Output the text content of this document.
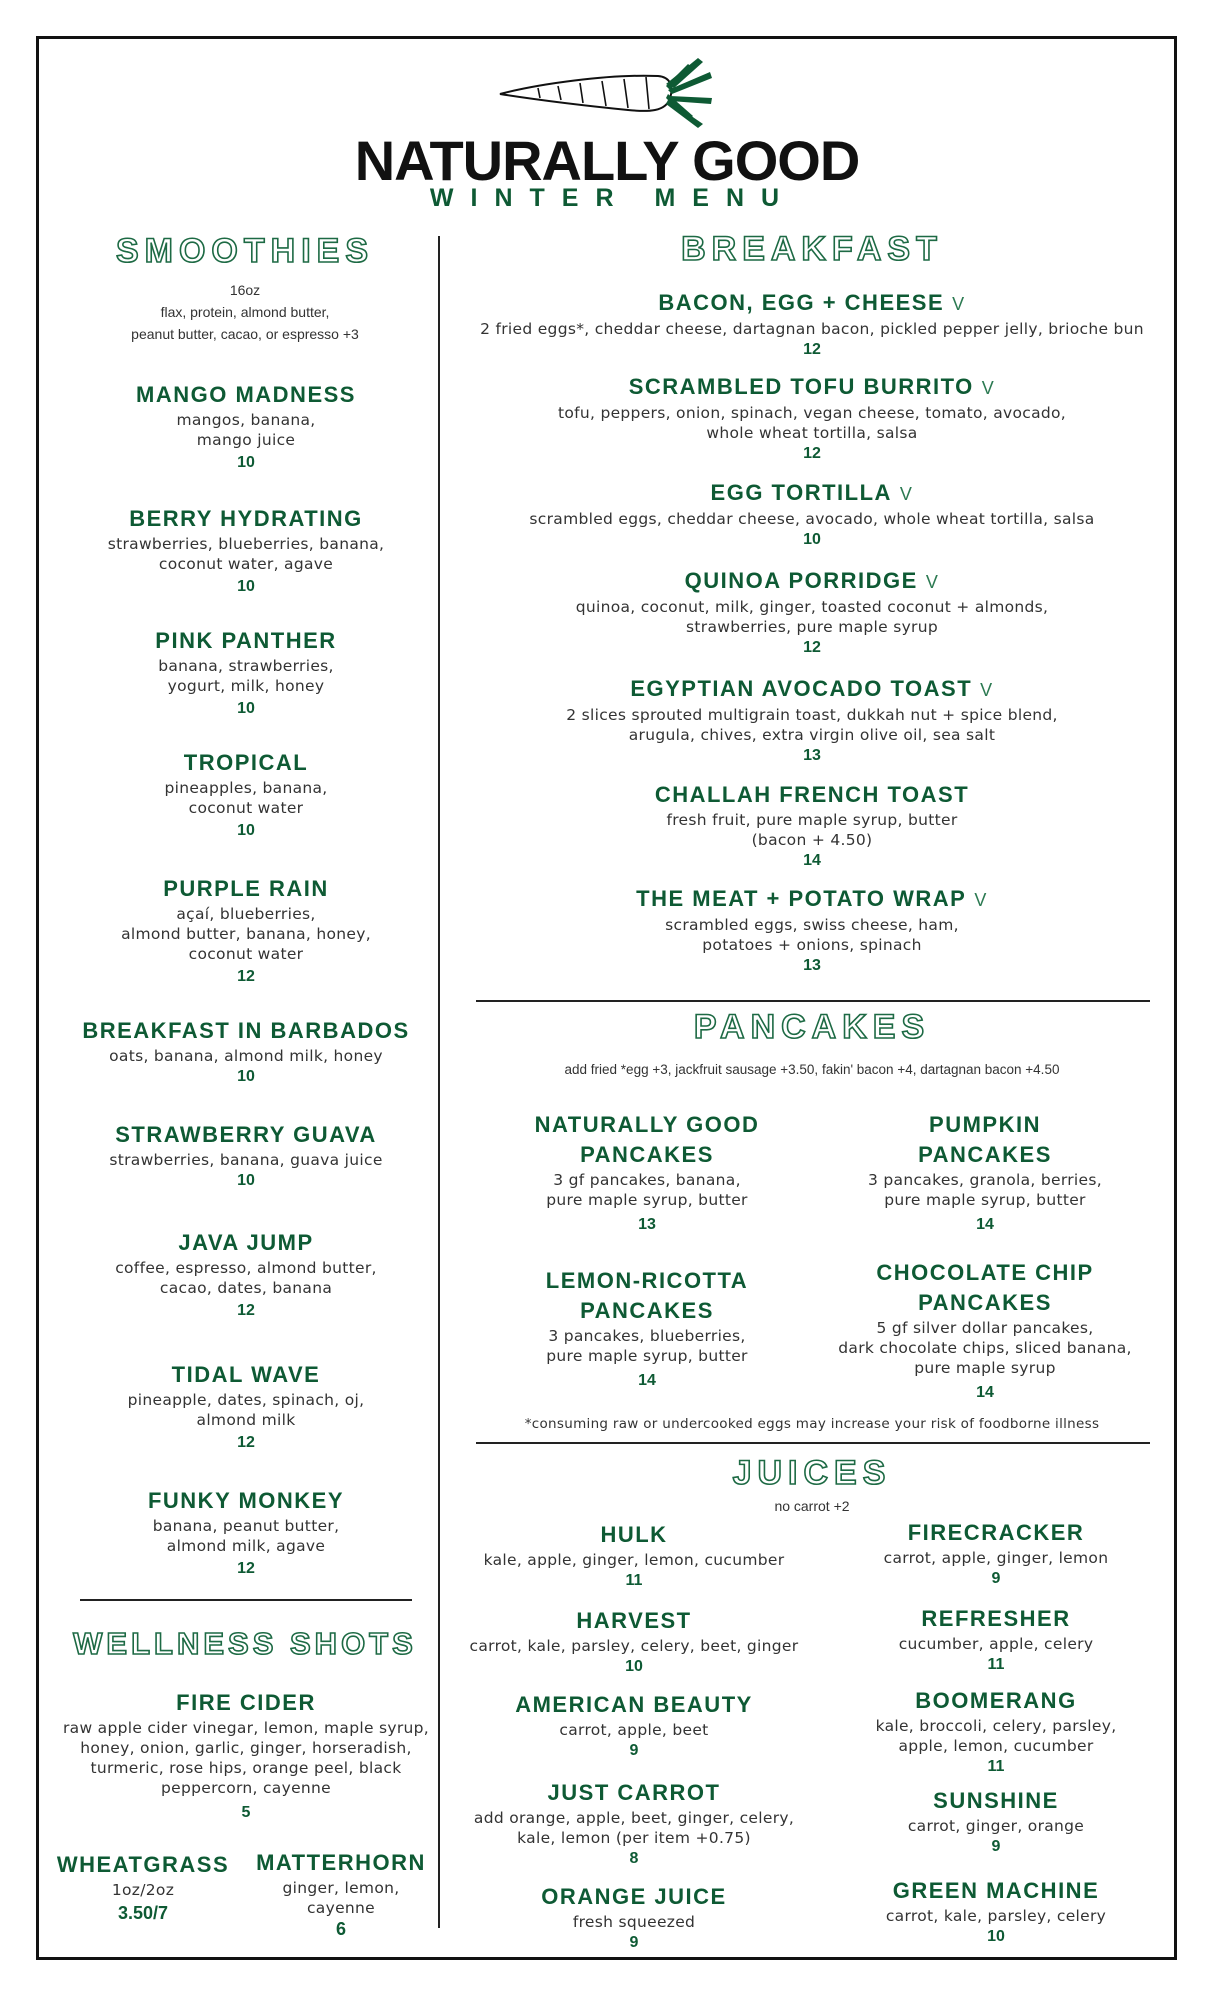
NATURALLY GOOD
WINTER MENU
SMOOTHIES
16oz
flax, protein, almond butter,
peanut butter, cacao, or espresso +3
MANGO MADNESS
mangos, banana,
mango juice
10
BERRY HYDRATING
strawberries, blueberries, banana,
coconut water, agave
10
PINK PANTHER
banana, strawberries,
yogurt, milk, honey
10
TROPICAL
pineapples, banana,
coconut water
10
PURPLE RAIN
açaí, blueberries,
almond butter, banana, honey,
coconut water
12
BREAKFAST IN BARBADOS
oats, banana, almond milk, honey
10
STRAWBERRY GUAVA
strawberries, banana, guava juice
10
JAVA JUMP
coffee, espresso, almond butter,
cacao, dates, banana
12
TIDAL WAVE
pineapple, dates, spinach, oj,
almond milk
12
FUNKY MONKEY
banana, peanut butter,
almond milk, agave
12
WELLNESS SHOTS
FIRE CIDER
raw apple cider vinegar, lemon, maple syrup,
honey, onion, garlic, ginger, horseradish,
turmeric, rose hips, orange peel, black
peppercorn, cayenne
5
WHEATGRASS
1oz/2oz
3.50/7
MATTERHORN
ginger, lemon,
cayenne
6
BREAKFAST
BACON, EGG + CHEESE V
2 fried eggs*, cheddar cheese, dartagnan bacon, pickled pepper jelly, brioche bun
12
SCRAMBLED TOFU BURRITO V
tofu, peppers, onion, spinach, vegan cheese, tomato, avocado,
whole wheat tortilla, salsa
12
EGG TORTILLA V
scrambled eggs, cheddar cheese, avocado, whole wheat tortilla, salsa
10
QUINOA PORRIDGE V
quinoa, coconut, milk, ginger, toasted coconut + almonds,
strawberries, pure maple syrup
12
EGYPTIAN AVOCADO TOAST V
2 slices sprouted multigrain toast, dukkah nut + spice blend,
arugula, chives, extra virgin olive oil, sea salt
13
CHALLAH FRENCH TOAST
fresh fruit, pure maple syrup, butter
(bacon + 4.50)
14
THE MEAT + POTATO WRAP V
scrambled eggs, swiss cheese, ham,
potatoes + onions, spinach
13
PANCAKES
add fried *egg +3, jackfruit sausage +3.50, fakin' bacon +4, dartagnan bacon +4.50
NATURALLY GOOD
PANCAKES
3 gf pancakes, banana,
pure maple syrup, butter
13
PUMPKIN
PANCAKES
3 pancakes, granola, berries,
pure maple syrup, butter
14
LEMON-RICOTTA
PANCAKES
3 pancakes, blueberries,
pure maple syrup, butter
14
CHOCOLATE CHIP
PANCAKES
5 gf silver dollar pancakes,
dark chocolate chips, sliced banana,
pure maple syrup
14
*consuming raw or undercooked eggs may increase your risk of foodborne illness
JUICES
no carrot +2
HULK
kale, apple, ginger, lemon, cucumber
11
HARVEST
carrot, kale, parsley, celery, beet, ginger
10
AMERICAN BEAUTY
carrot, apple, beet
9
JUST CARROT
add orange, apple, beet, ginger, celery,
kale, lemon (per item +0.75)
8
ORANGE JUICE
fresh squeezed
9
FIRECRACKER
carrot, apple, ginger, lemon
9
REFRESHER
cucumber, apple, celery
11
BOOMERANG
kale, broccoli, celery, parsley,
apple, lemon, cucumber
11
SUNSHINE
carrot, ginger, orange
9
GREEN MACHINE
carrot, kale, parsley, celery
10
